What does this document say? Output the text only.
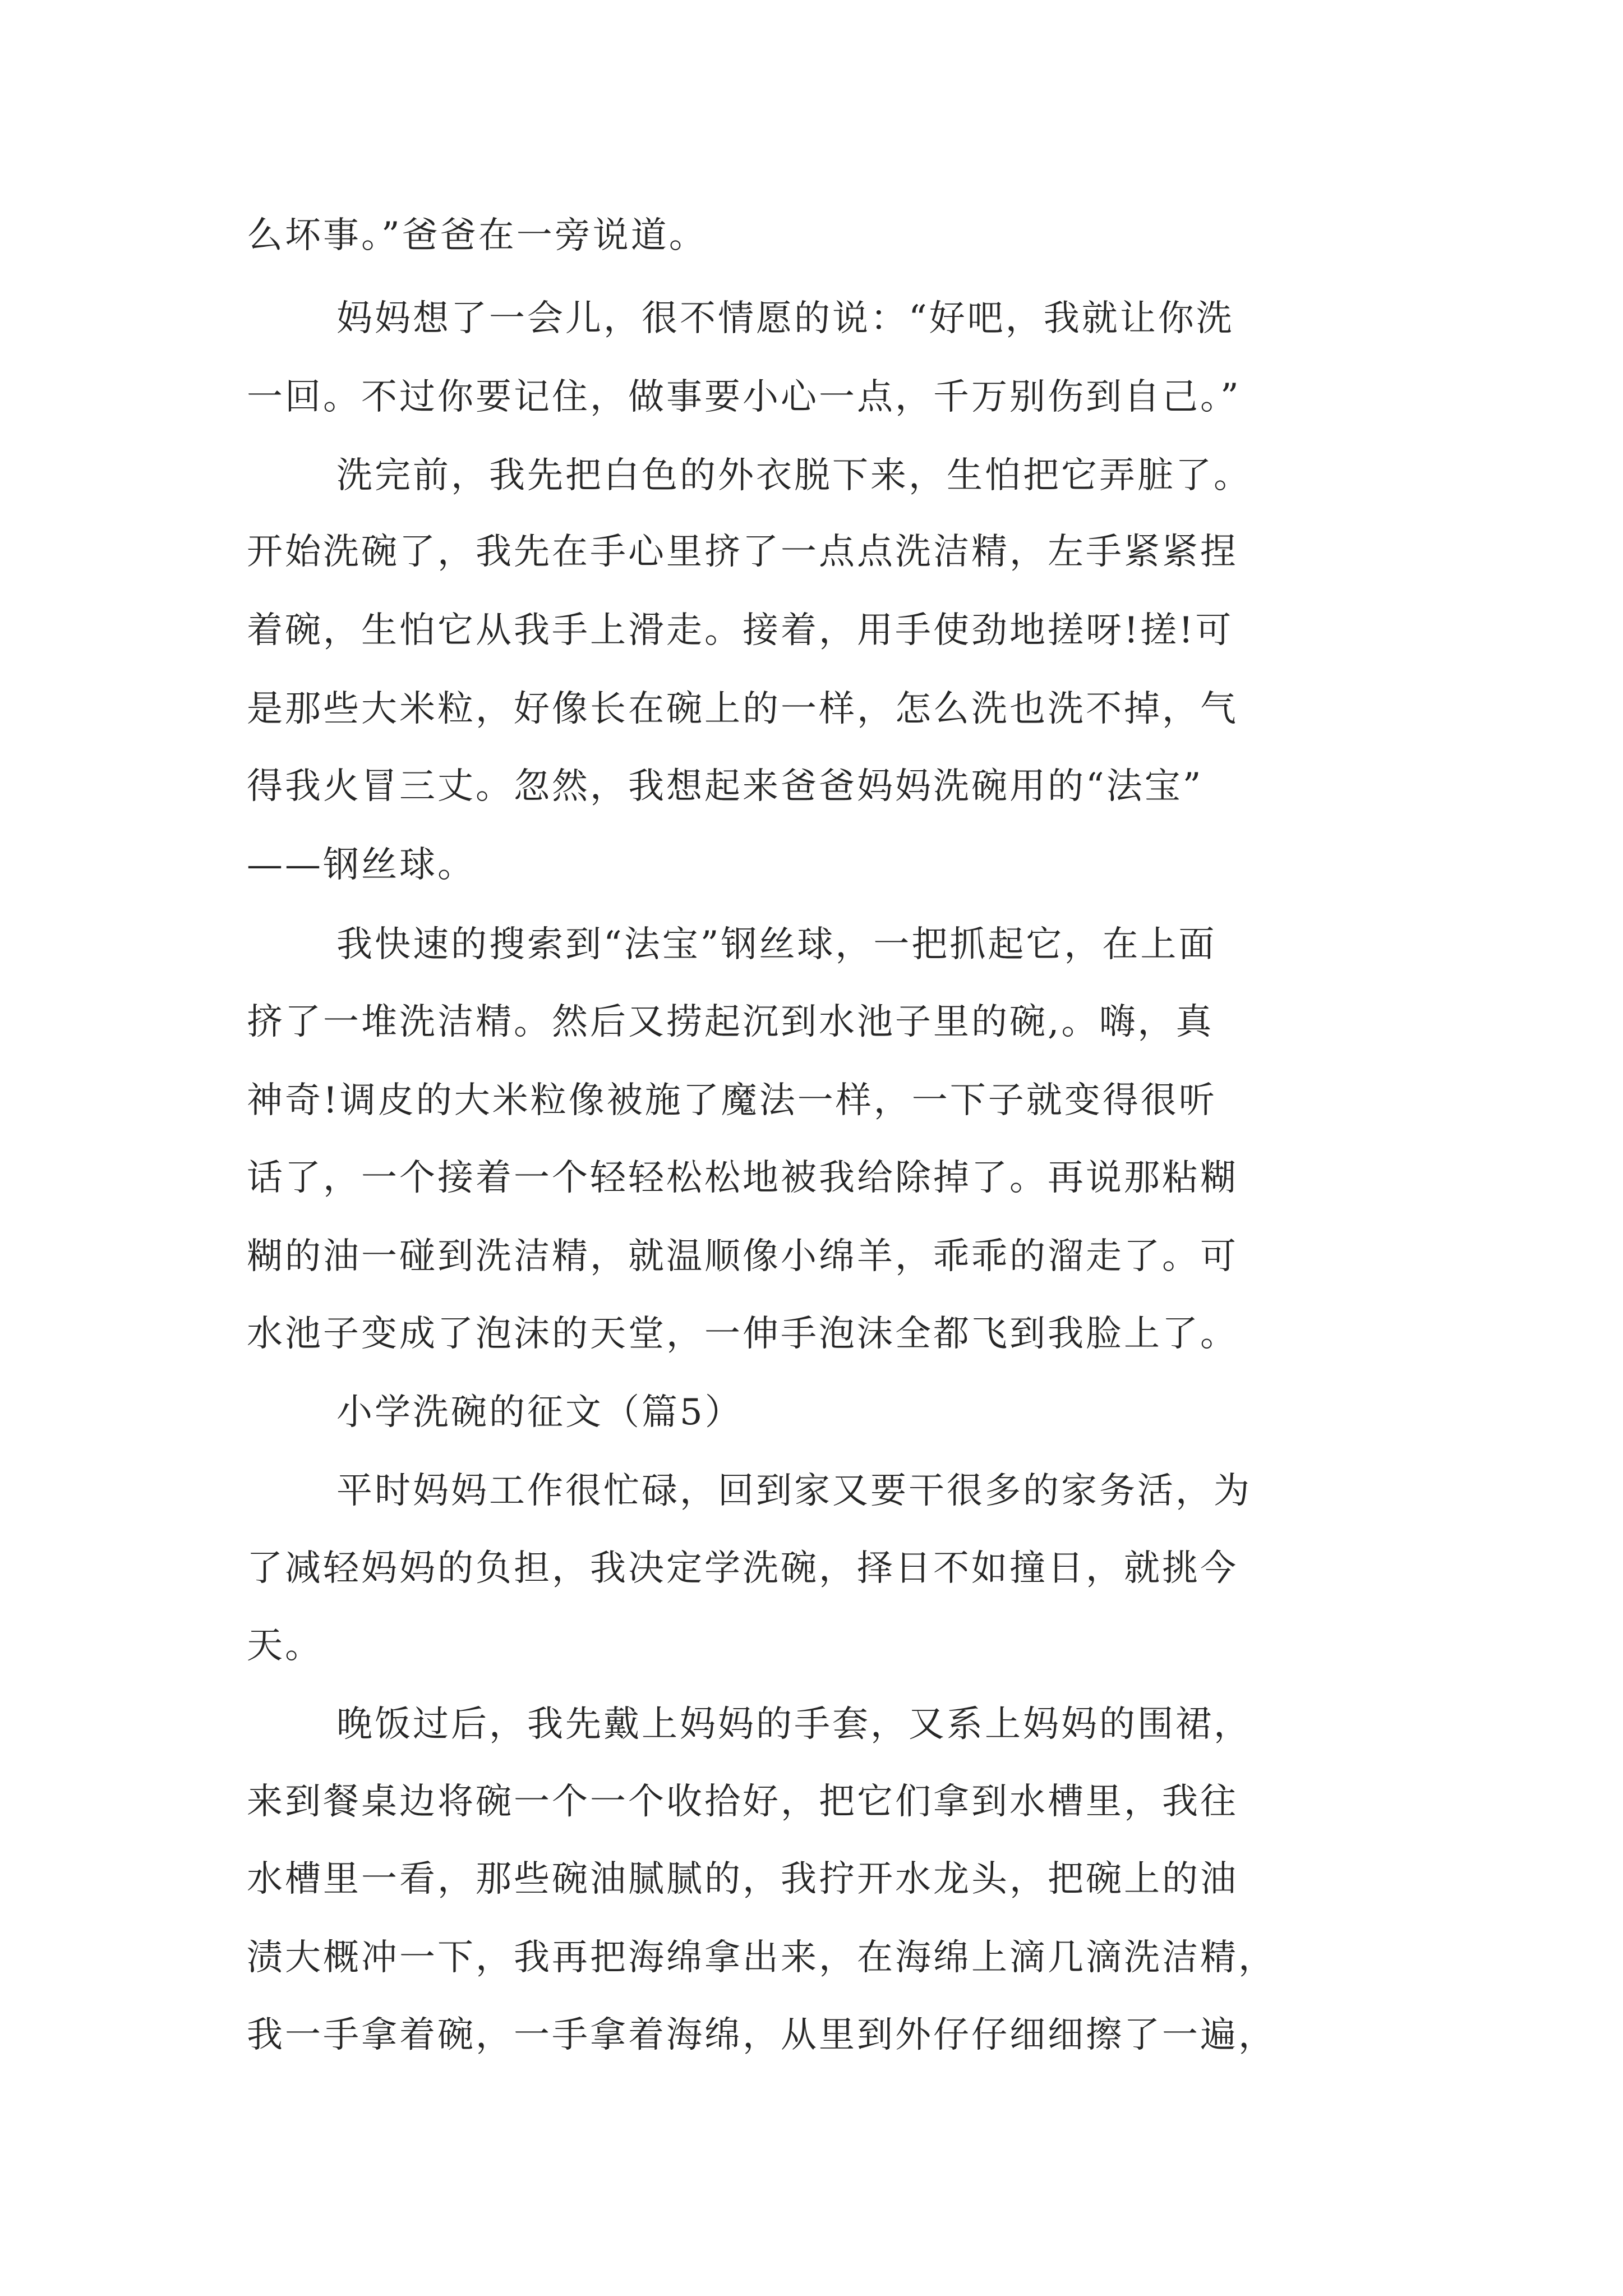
么坏事。”爸爸在一旁说道。
妈妈想了一会儿，很不情愿的说：“好吧，我就让你洗
一回。不过你要记住，做事要小心一点，千万别伤到自己。”
洗完前，我先把白色的外衣脱下来，生怕把它弄脏了。
开始洗碗了，我先在手心里挤了一点点洗洁精，左手紧紧捏
着碗，生怕它从我手上滑走。接着，用手使劲地搓呀!搓!可
是那些大米粒，好像长在碗上的一样，怎么洗也洗不掉，气
得我火冒三丈。忽然，我想起来爸爸妈妈洗碗用的“法宝”
——钢丝球。
我快速的搜索到“法宝”钢丝球，一把抓起它，在上面
挤了一堆洗洁精。然后又捞起沉到水池子里的碗,。嗨，真
神奇!调皮的大米粒像被施了魔法一样，一下子就变得很听
话了，一个接着一个轻轻松松地被我给除掉了。再说那粘糊
糊的油一碰到洗洁精，就温顺像小绵羊，乖乖的溜走了。可
水池子变成了泡沫的天堂，一伸手泡沫全都飞到我脸上了。
小学洗碗的征文（篇5）
平时妈妈工作很忙碌，回到家又要干很多的家务活，为
了减轻妈妈的负担，我决定学洗碗，择日不如撞日，就挑今
天。
晚饭过后，我先戴上妈妈的手套，又系上妈妈的围裙，
来到餐桌边将碗一个一个收拾好，把它们拿到水槽里，我往
水槽里一看，那些碗油腻腻的，我拧开水龙头，把碗上的油
渍大概冲一下，我再把海绵拿出来，在海绵上滴几滴洗洁精，
我一手拿着碗，一手拿着海绵，从里到外仔仔细细擦了一遍，
